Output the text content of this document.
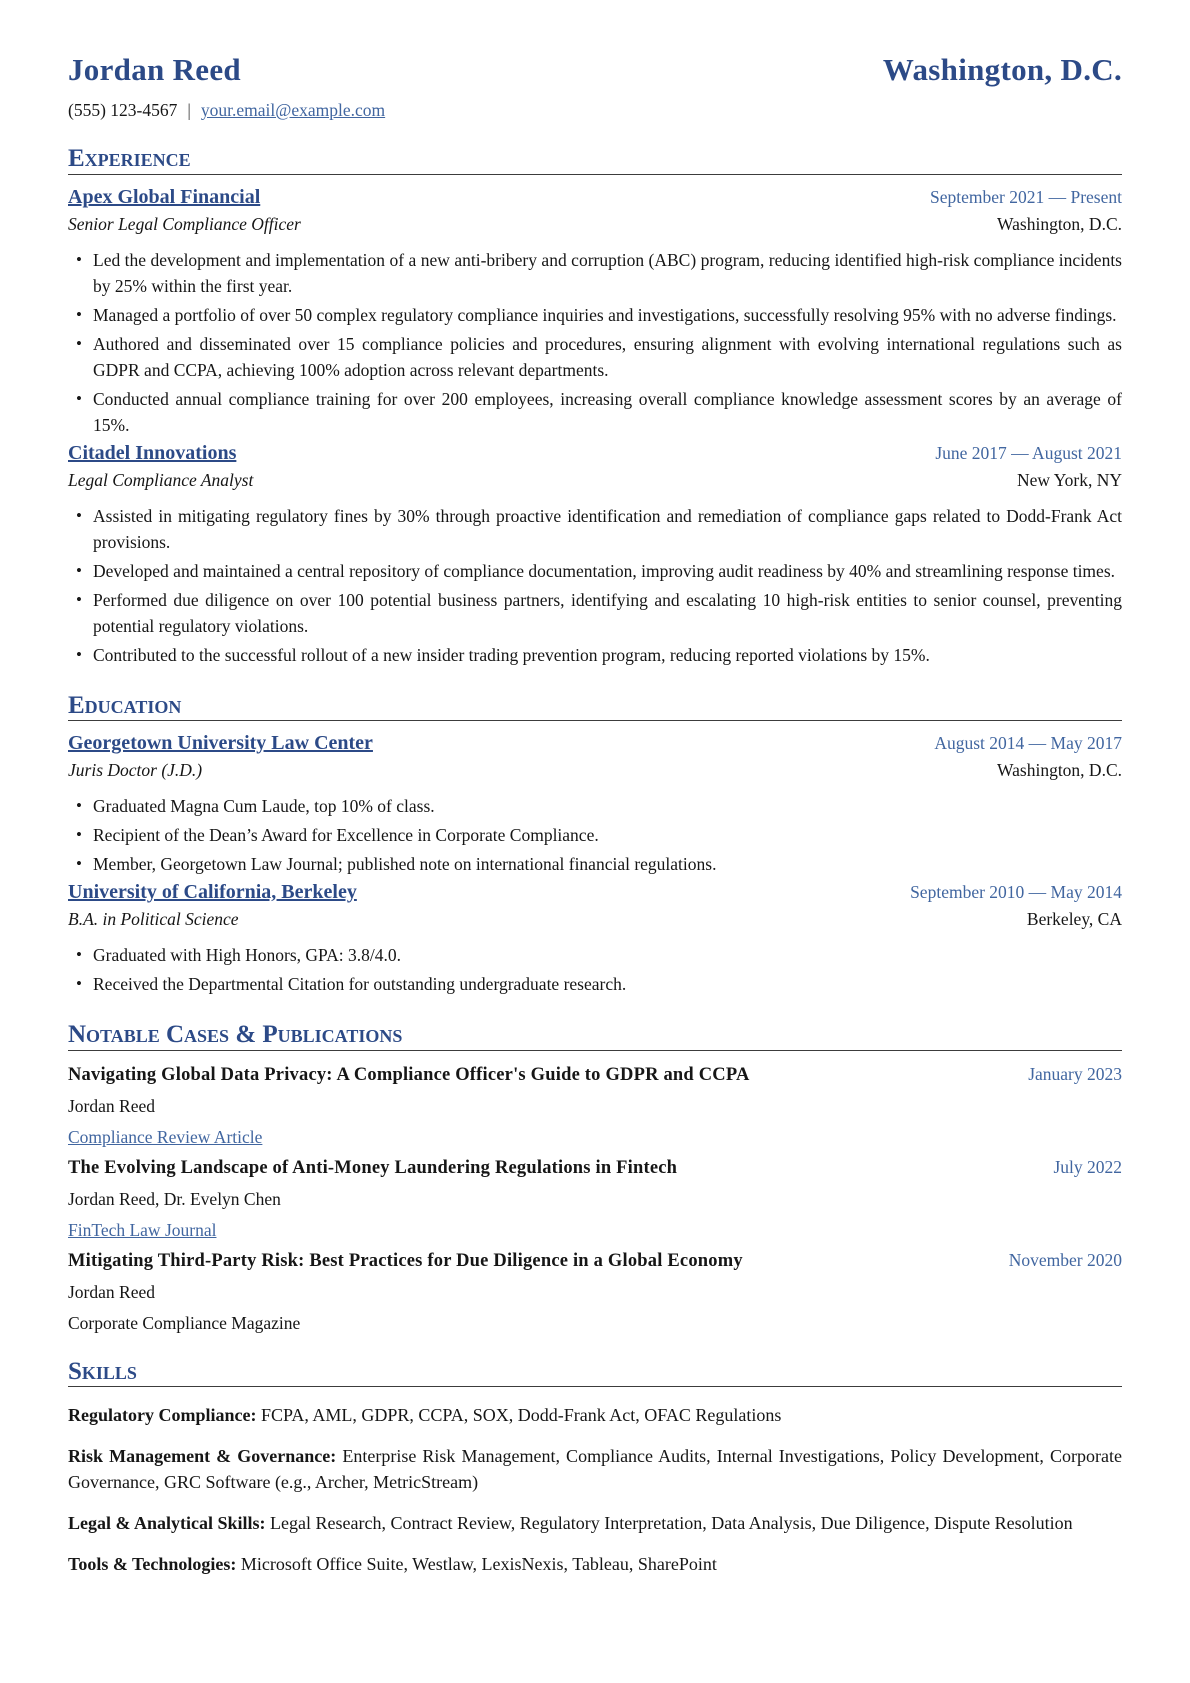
Jordan Reed	Washington, D.C.
(555) 123-4567 | your.email@example.com
Experience
Apex Global Financial	September 2021 — Present
Senior Legal Compliance Officer	Washington, D.C.
• Led the development and implementation of a new anti-bribery and corruption (ABC) program, reducing identified high-risk compliance incidents by 25% within the first year.
• Managed a portfolio of over 50 complex regulatory compliance inquiries and investigations, successfully resolving 95% with no adverse findings.
• Authored and disseminated over 15 compliance policies and procedures, ensuring alignment with evolving international regulations such as GDPR and CCPA, achieving 100% adoption across relevant departments.
• Conducted annual compliance training for over 200 employees, increasing overall compliance knowledge assessment scores by an average of 15%.
Citadel Innovations	June 2017 — August 2021
Legal Compliance Analyst	New York, NY
• Assisted in mitigating regulatory fines by 30% through proactive identification and remediation of compliance gaps related to Dodd-Frank Act provisions.
• Developed and maintained a central repository of compliance documentation, improving audit readiness by 40% and streamlining response times.
• Performed due diligence on over 100 potential business partners, identifying and escalating 10 high-risk entities to senior counsel, preventing potential regulatory violations.
• Contributed to the successful rollout of a new insider trading prevention program, reducing reported violations by 15%.
Education
Georgetown University Law Center	August 2014 — May 2017
Juris Doctor (J.D.)	Washington, D.C.
• Graduated Magna Cum Laude, top 10% of class.
• Recipient of the Dean’s Award for Excellence in Corporate Compliance.
• Member, Georgetown Law Journal; published note on international financial regulations.
University of California, Berkeley	September 2010 — May 2014
B.A. in Political Science	Berkeley, CA
• Graduated with High Honors, GPA: 3.8/4.0.
• Received the Departmental Citation for outstanding undergraduate research.
Notable Cases & Publications
Navigating Global Data Privacy: A Compliance Officer's Guide to GDPR and CCPA	January 2023
Jordan Reed
Compliance Review Article
The Evolving Landscape of Anti-Money Laundering Regulations in Fintech	July 2022
Jordan Reed, Dr. Evelyn Chen
FinTech Law Journal
Mitigating Third-Party Risk: Best Practices for Due Diligence in a Global Economy	November 2020
Jordan Reed
Corporate Compliance Magazine
Skills
Regulatory Compliance: FCPA, AML, GDPR, CCPA, SOX, Dodd-Frank Act, OFAC Regulations
Risk Management & Governance: Enterprise Risk Management, Compliance Audits, Internal Investigations, Policy Development, Corporate Governance, GRC Software (e.g., Archer, MetricStream)
Legal & Analytical Skills: Legal Research, Contract Review, Regulatory Interpretation, Data Analysis, Due Diligence, Dispute Resolution
Tools & Technologies: Microsoft Office Suite, Westlaw, LexisNexis, Tableau, SharePoint
